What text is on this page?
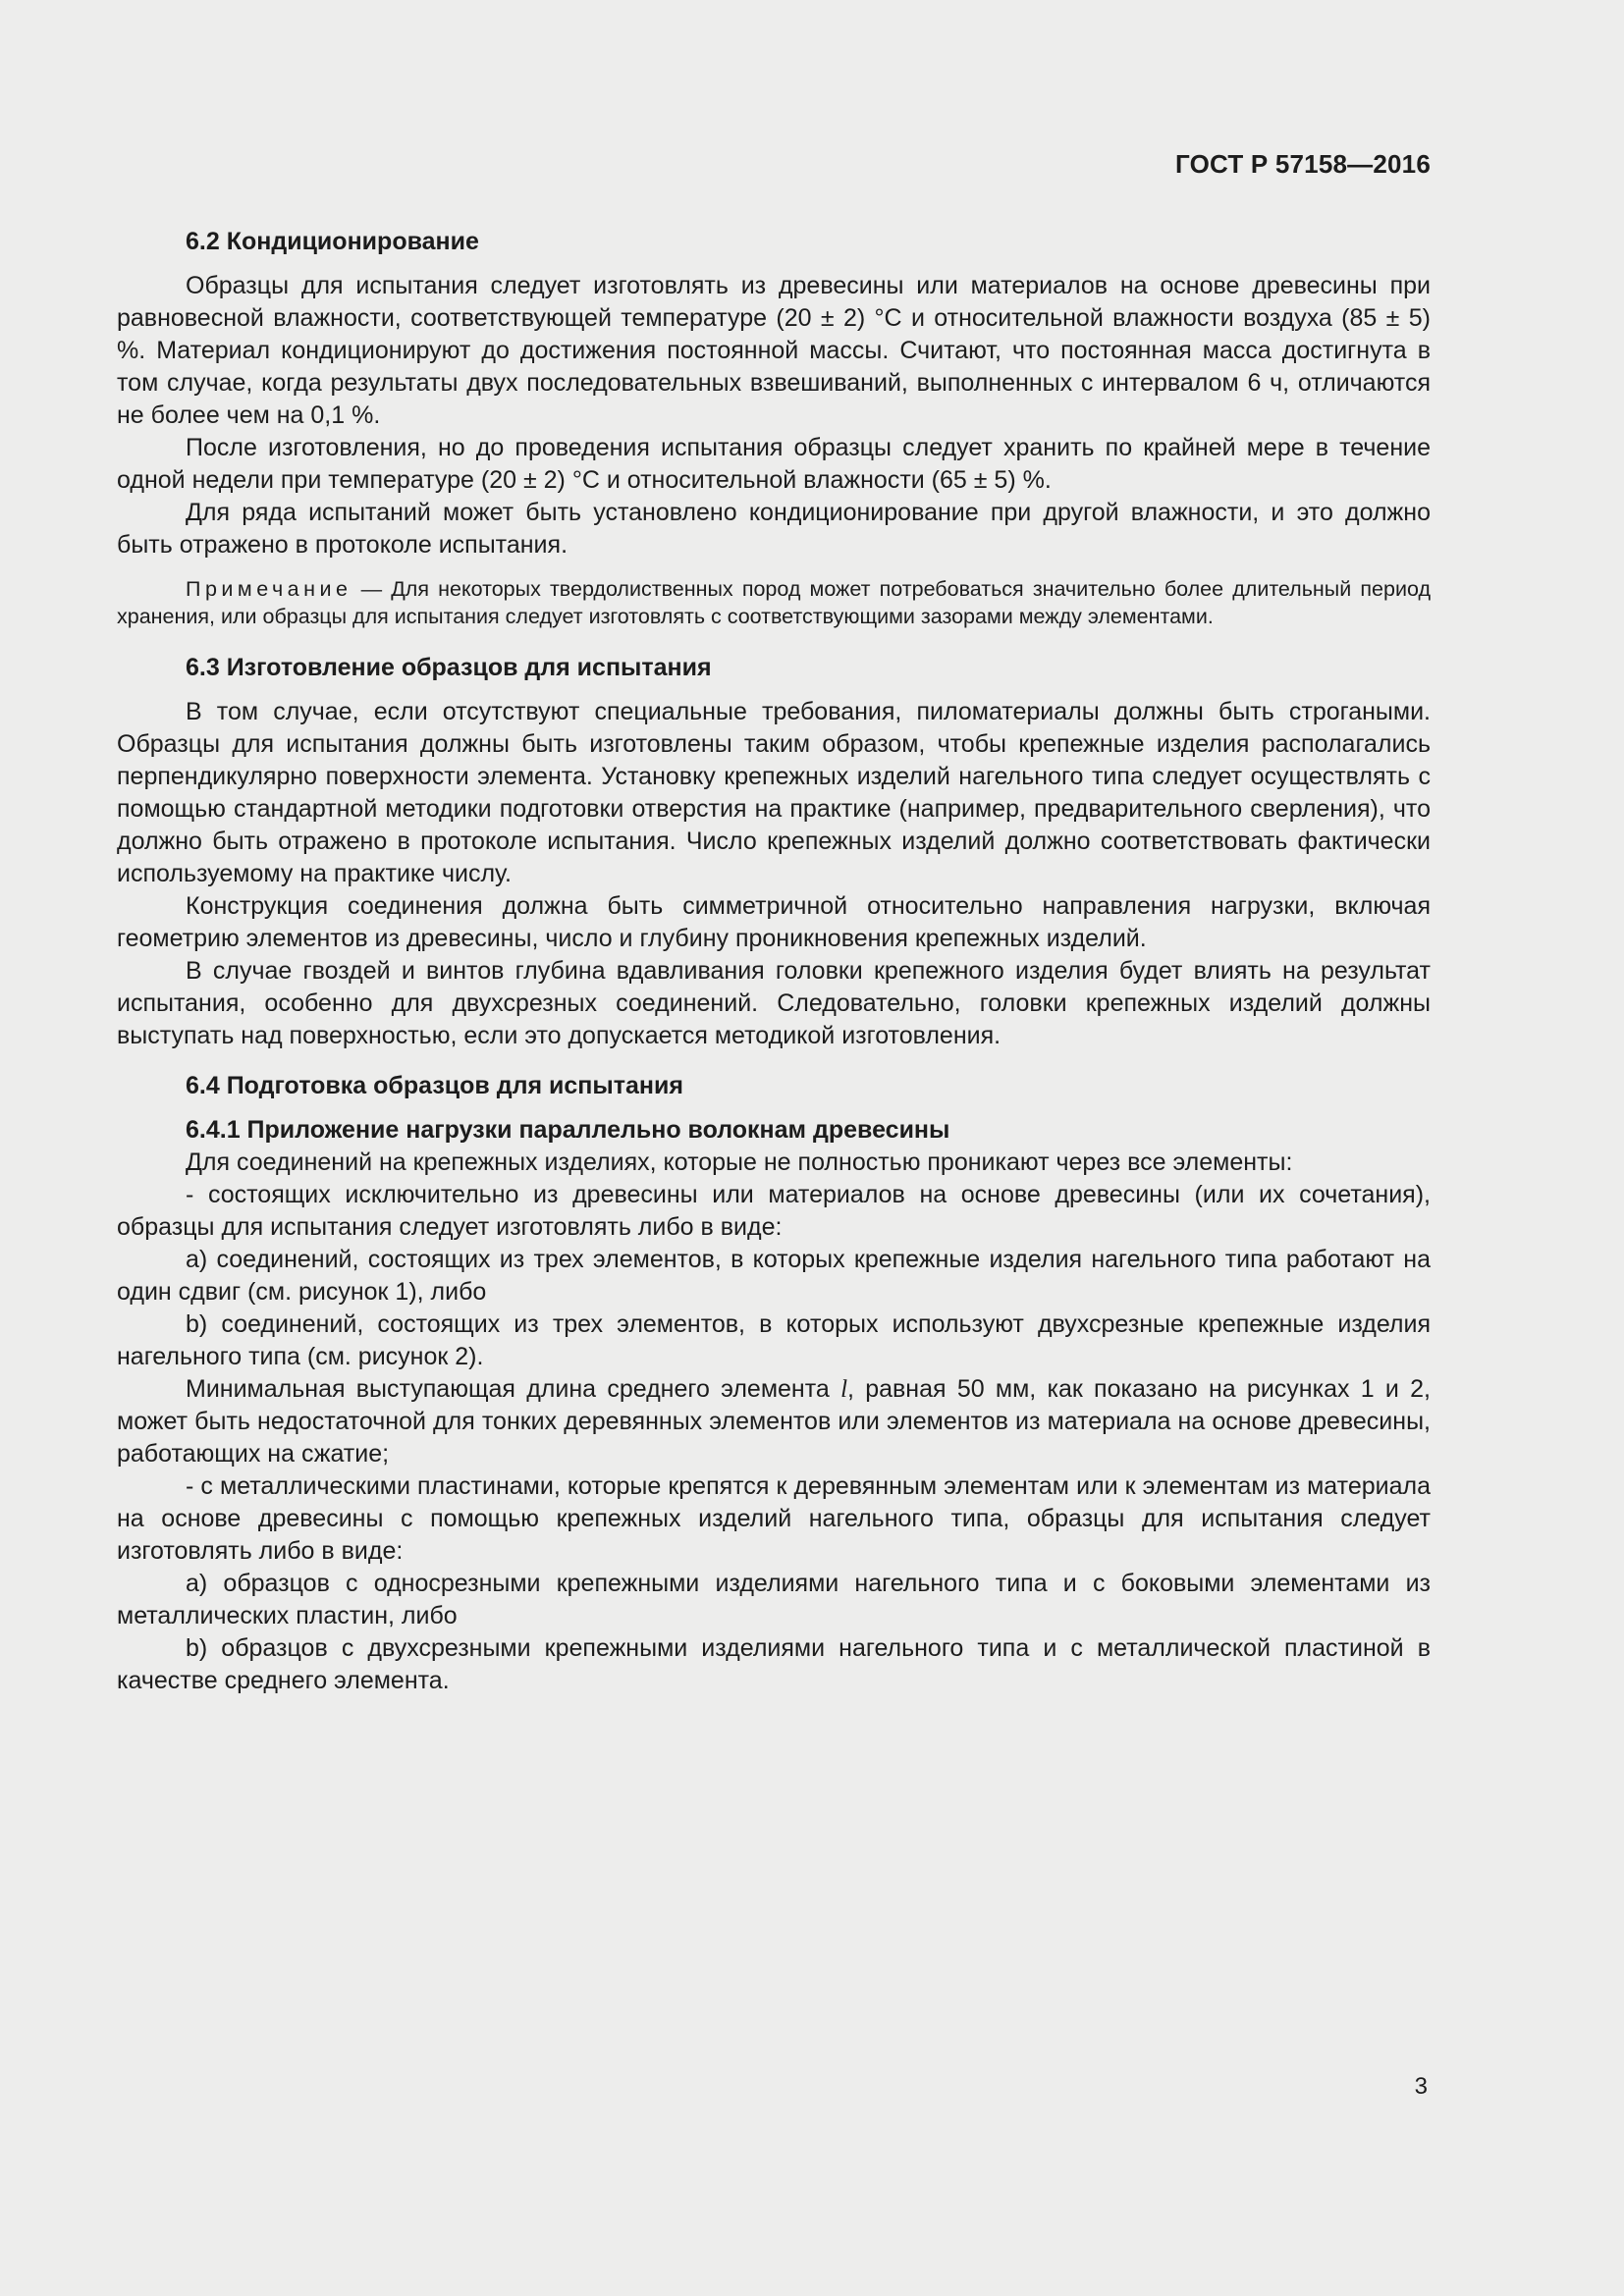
ГОСТ Р 57158—2016
6.2 Кондиционирование

Образцы для испытания следует изготовлять из древесины или материалов на основе древесины при равновесной влажности, соответствующей температуре (20 ± 2) °С и относительной влажности воздуха (85 ± 5) %. Материал кондиционируют до достижения постоянной массы. Считают, что постоянная масса достигнута в том случае, когда результаты двух последовательных взвешиваний, выполненных с интервалом 6 ч, отличаются не более чем на 0,1 %.

После изготовления, но до проведения испытания образцы следует хранить по крайней мере в течение одной недели при температуре (20 ± 2) °С и относительной влажности (65 ± 5) %.

Для ряда испытаний может быть установлено кондиционирование при другой влажности, и это должно быть отражено в протоколе испытания.

Примечание — Для некоторых твердолиственных пород может потребоваться значительно более длительный период хранения, или образцы для испытания следует изготовлять с соответствующими зазорами между элементами.

6.3 Изготовление образцов для испытания

В том случае, если отсутствуют специальные требования, пиломатериалы должны быть строгаными. Образцы для испытания должны быть изготовлены таким образом, чтобы крепежные изделия располагались перпендикулярно поверхности элемента. Установку крепежных изделий нагельного типа следует осуществлять с помощью стандартной методики подготовки отверстия на практике (например, предварительного сверления), что должно быть отражено в протоколе испытания. Число крепежных изделий должно соответствовать фактически используемому на практике числу.

Конструкция соединения должна быть симметричной относительно направления нагрузки, включая геометрию элементов из древесины, число и глубину проникновения крепежных изделий.

В случае гвоздей и винтов глубина вдавливания головки крепежного изделия будет влиять на результат испытания, особенно для двухсрезных соединений. Следовательно, головки крепежных изделий должны выступать над поверхностью, если это допускается методикой изготовления.

6.4 Подготовка образцов для испытания
6.4.1 Приложение нагрузки параллельно волокнам древесины

Для соединений на крепежных изделиях, которые не полностью проникают через все элементы:

- состоящих исключительно из древесины или материалов на основе древесины (или их сочетания), образцы для испытания следует изготовлять либо в виде:

a) соединений, состоящих из трех элементов, в которых крепежные изделия нагельного типа работают на один сдвиг (см. рисунок 1), либо

b) соединений, состоящих из трех элементов, в которых используют двухсрезные крепежные изделия нагельного типа (см. рисунок 2).

Минимальная выступающая длина среднего элемента l, равная 50 мм, как показано на рисунках 1 и 2, может быть недостаточной для тонких деревянных элементов или элементов из материала на основе древесины, работающих на сжатие;

- с металлическими пластинами, которые крепятся к деревянным элементам или к элементам из материала на основе древесины с помощью крепежных изделий нагельного типа, образцы для испытания следует изготовлять либо в виде:

a) образцов с односрезными крепежными изделиями нагельного типа и с боковыми элементами из металлических пластин, либо

b) образцов с двухсрезными крепежными изделиями нагельного типа и с металлической пластиной в качестве среднего элемента.

3
